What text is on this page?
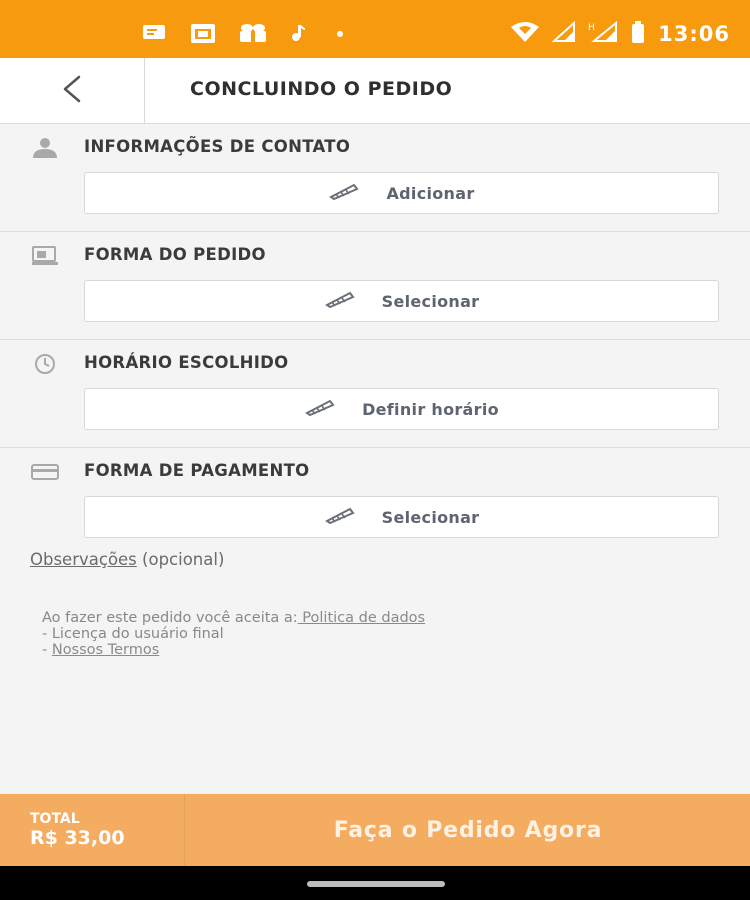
H	13:06
CONCLUINDO O PEDIDO
INFORMAÇÕES DE CONTATO
Adicionar
FORMA DO PEDIDO
Selecionar
HORÁRIO ESCOLHIDO
Definir horário
FORMA DE PAGAMENTO
Selecionar
Observações (opcional)
Ao fazer este pedido você aceita a: Politica de dados
- Licença do usuário final
- Nossos Termos
TOTAL
R$ 33,00	Faça o Pedido Agora
